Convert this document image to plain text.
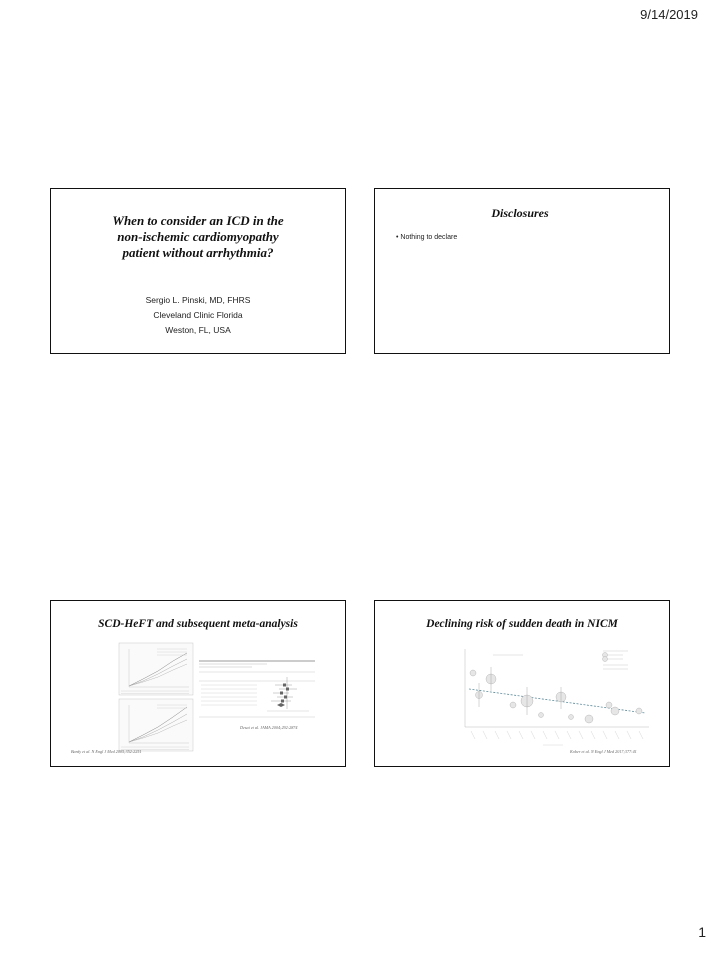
9/14/2019
When to consider an ICD in the
non-ischemic cardiomyopathy
patient without arrhythmia?
Sergio L. Pinski, MD, FHRS
Cleveland Clinic Florida
Weston, FL, USA
Disclosures
• Nothing to declare
SCD-HeFT and subsequent meta-analysis
Bardy et al. N Engl J Med 2005;352:2251
Desai et al. JAMA 2004;292:2874
Declining risk of sudden death in NICM
Kober et al. N Engl J Med 2017;377:41
1
